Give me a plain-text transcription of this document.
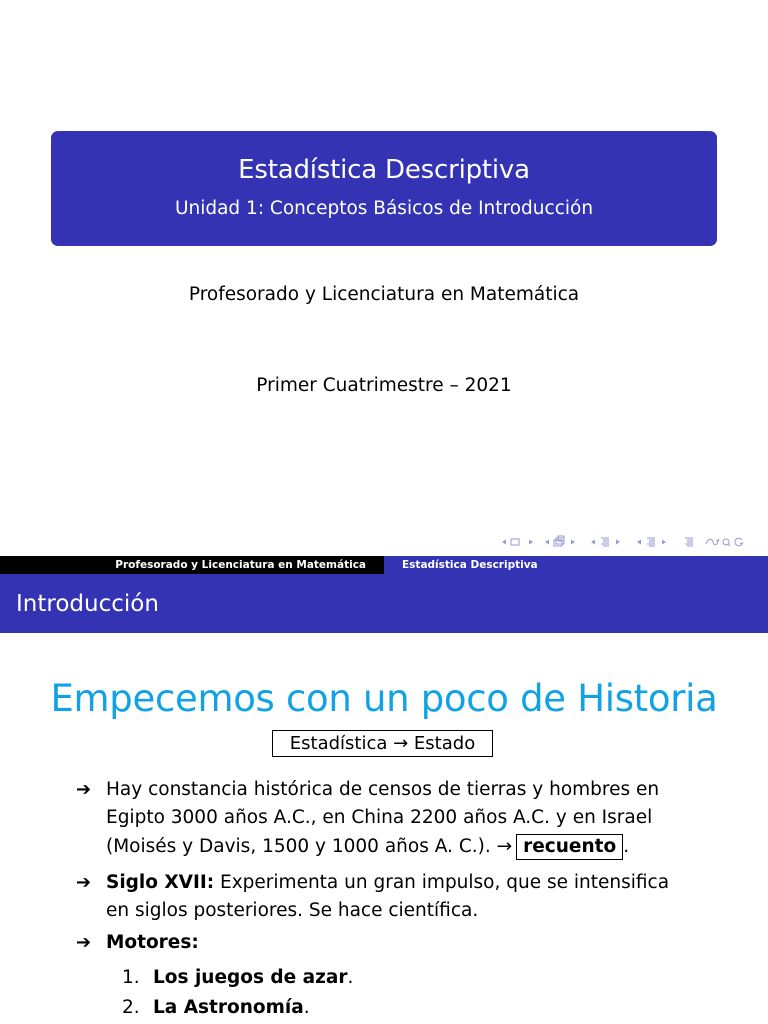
Estadística Descriptiva
Unidad 1: Conceptos Básicos de Introducción
Profesorado y Licenciatura en Matemática
Primer Cuatrimestre – 2021
Profesorado y Licenciatura en Matemática	Estadística Descriptiva
Introducción
Empecemos con un poco de Historia
Estadística → Estado
➔ Hay constancia histórica de censos de tierras y hombres en
Egipto 3000 años A.C., en China 2200 años A.C. y en Israel
(Moisés y Davis, 1500 y 1000 años A. C.). → recuento .
➔ Siglo XVII: Experimenta un gran impulso, que se intensifica
en siglos posteriores. Se hace científica.
➔ Motores:
1. Los juegos de azar.
2. La Astronomía.
